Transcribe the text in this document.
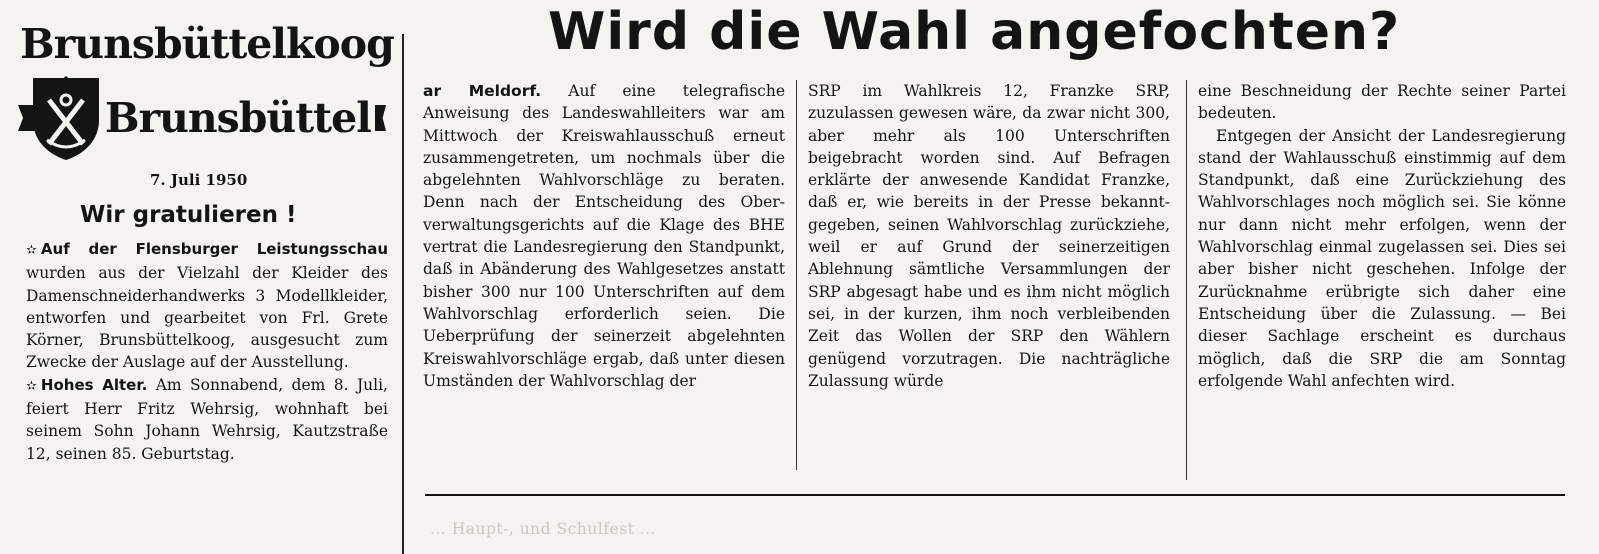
Brunsbüttelkoog
Brunsbüttel
7. Juli 1950
Wir gratulieren !

✫ Auf der Flensburger Leistungsschau wurden aus der Vielzahl der Kleider des Damenschneiderhandwerks 3 Modellkleider, entworfen und gearbeitet von Frl. Grete Körner, Brunsbüttelkoog, ausgesucht zum Zwecke der Auslage auf der Ausstellung.

✫ Hohes Alter. Am Sonnabend, dem 8. Juli, feiert Herr Fritz Wehrsig, wohnhaft bei seinem Sohn Johann Wehrsig, Kautzstraße 12, seinen 85. Geburtstag.

Wird die Wahl angefochten?

ar Meldorf. Auf eine telegrafische Anweisung des Landeswahlleiters war am Mittwoch der Kreiswahlausschuß erneut zusammengetreten, um nochmals über die abgelehnten Wahlvorschläge zu beraten. Denn nach der Entscheidung des Oberverwaltungsgerichts auf die Klage des BHE vertrat die Landesregierung den Standpunkt, daß in Abänderung des Wahlgesetzes anstatt bisher 300 nur 100 Unterschriften auf dem Wahlvorschlag erforderlich seien. Die Ueberprüfung der seinerzeit abgelehnten Kreiswahlvorschläge ergab, daß unter diesen Umständen der Wahlvorschlag der

SRP im Wahlkreis 12, Franzke SRP, zuzulassen gewesen wäre, da zwar nicht 300, aber mehr als 100 Unterschriften beigebracht worden sind. Auf Befragen erklärte der anwesende Kandidat Franzke, daß er, wie bereits in der Presse bekanntgegeben, seinen Wahlvorschlag zurückziehe, weil er auf Grund der seinerzeitigen Ablehnung sämtliche Versammlungen der SRP abgesagt habe und es ihm nicht möglich sei, in der kurzen, ihm noch verbleibenden Zeit das Wollen der SRP den Wählern genügend vorzutragen. Die nachträgliche Zulassung würde

eine Beschneidung der Rechte seiner Partei bedeuten.

Entgegen der Ansicht der Landesregierung stand der Wahlausschuß einstimmig auf dem Standpunkt, daß eine Zurückziehung des Wahlvorschlages noch möglich sei. Sie könne nur dann nicht mehr erfolgen, wenn der Wahlvorschlag einmal zugelassen sei. Dies sei aber bisher nicht geschehen. Infolge der Zurücknahme erübrigte sich daher eine Entscheidung über die Zulassung. — Bei dieser Sachlage erscheint es durchaus möglich, daß die SRP die am Sonntag erfolgende Wahl anfechten wird.

... Haupt-, und Schulfest ...
